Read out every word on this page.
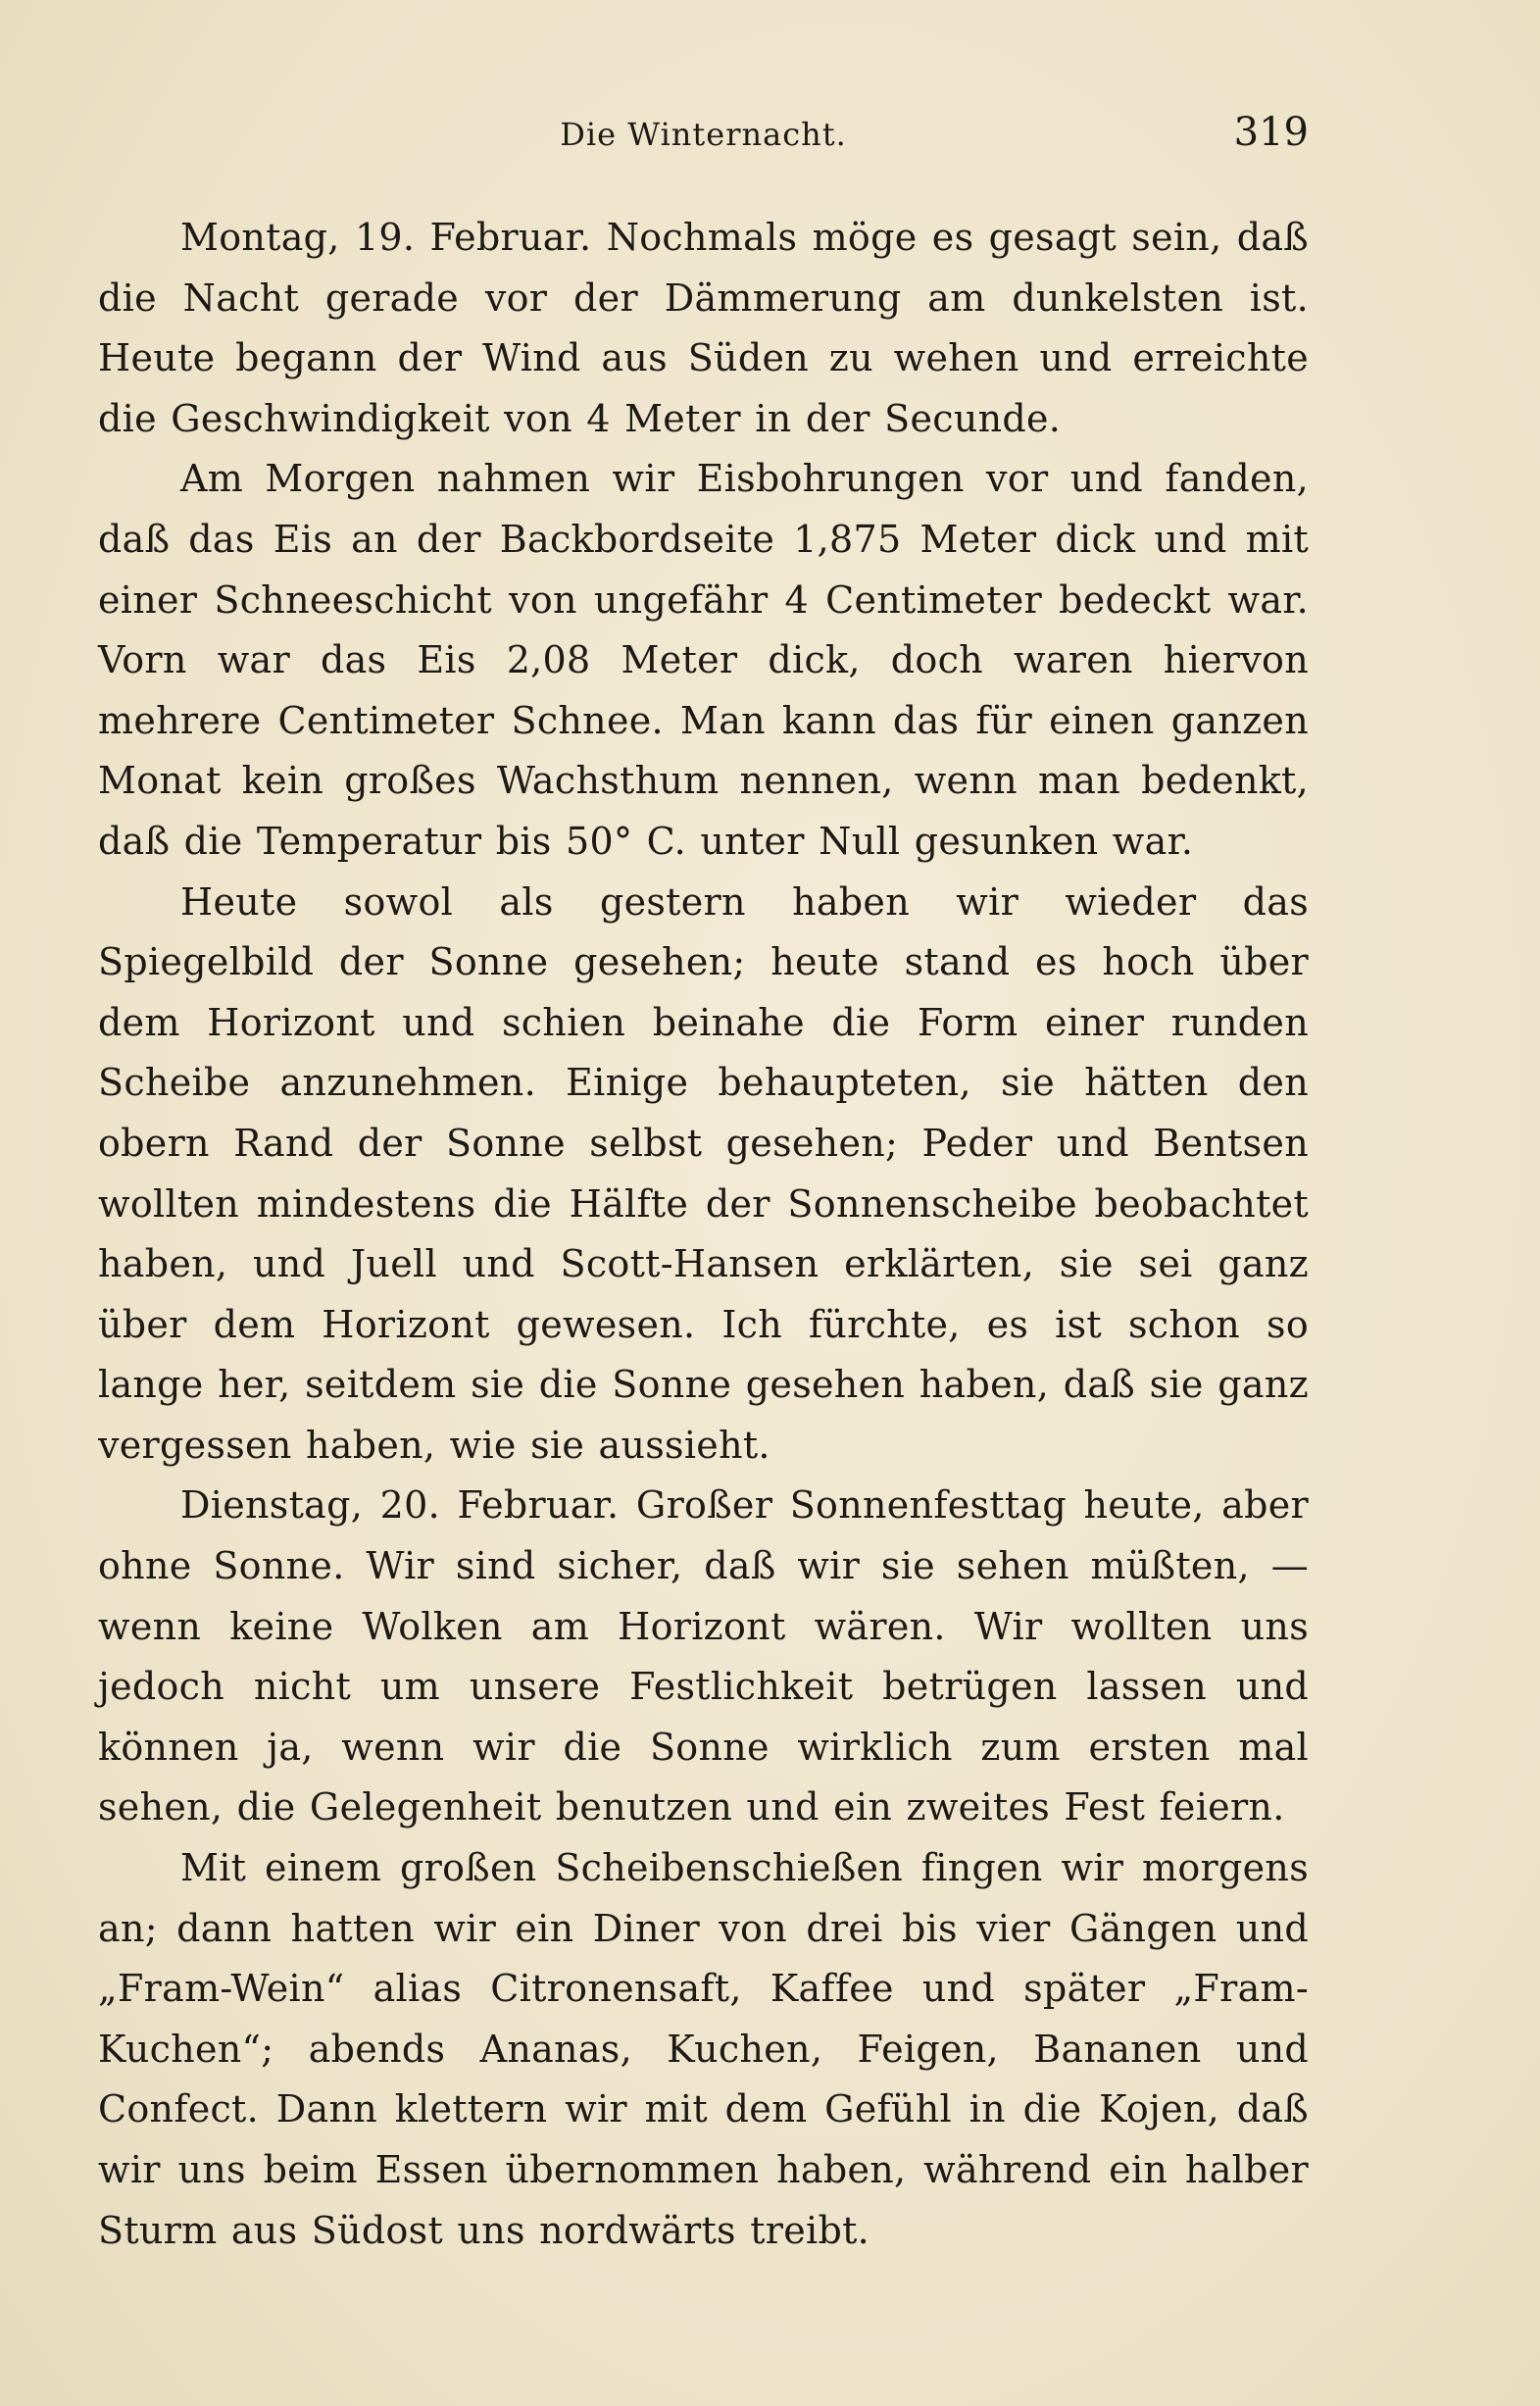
Die Winternacht.	319

Montag, 19. Februar. Nochmals möge es gesagt sein, daß die Nacht gerade vor der Dämmerung am dunkelsten ist. Heute begann der Wind aus Süden zu wehen und erreichte die Geschwindigkeit von 4 Meter in der Secunde.

Am Morgen nahmen wir Eisbohrungen vor und fanden, daß das Eis an der Backbordseite 1,875 Meter dick und mit einer Schneeschicht von ungefähr 4 Centimeter bedeckt war. Vorn war das Eis 2,08 Meter dick, doch waren hiervon mehrere Centimeter Schnee. Man kann das für einen ganzen Monat kein großes Wachsthum nennen, wenn man bedenkt, daß die Temperatur bis 50° C. unter Null gesunken war.

Heute sowol als gestern haben wir wieder das Spiegelbild der Sonne gesehen; heute stand es hoch über dem Horizont und schien beinahe die Form einer runden Scheibe anzunehmen. Einige behaupteten, sie hätten den obern Rand der Sonne selbst gesehen; Peder und Bentsen wollten mindestens die Hälfte der Sonnenscheibe beobachtet haben, und Juell und Scott-Hansen erklärten, sie sei ganz über dem Horizont gewesen. Ich fürchte, es ist schon so lange her, seitdem sie die Sonne gesehen haben, daß sie ganz vergessen haben, wie sie aussieht.

Dienstag, 20. Februar. Großer Sonnenfesttag heute, aber ohne Sonne. Wir sind sicher, daß wir sie sehen müßten, — wenn keine Wolken am Horizont wären. Wir wollten uns jedoch nicht um unsere Festlichkeit betrügen lassen und können ja, wenn wir die Sonne wirklich zum ersten mal sehen, die Gelegenheit benutzen und ein zweites Fest feiern.

Mit einem großen Scheibenschießen fingen wir morgens an; dann hatten wir ein Diner von drei bis vier Gängen und „Fram-Wein“ alias Citronensaft, Kaffee und später „Fram-Kuchen“; abends Ananas, Kuchen, Feigen, Bananen und Confect. Dann klettern wir mit dem Gefühl in die Kojen, daß wir uns beim Essen übernommen haben, während ein halber Sturm aus Südost uns nordwärts treibt.
